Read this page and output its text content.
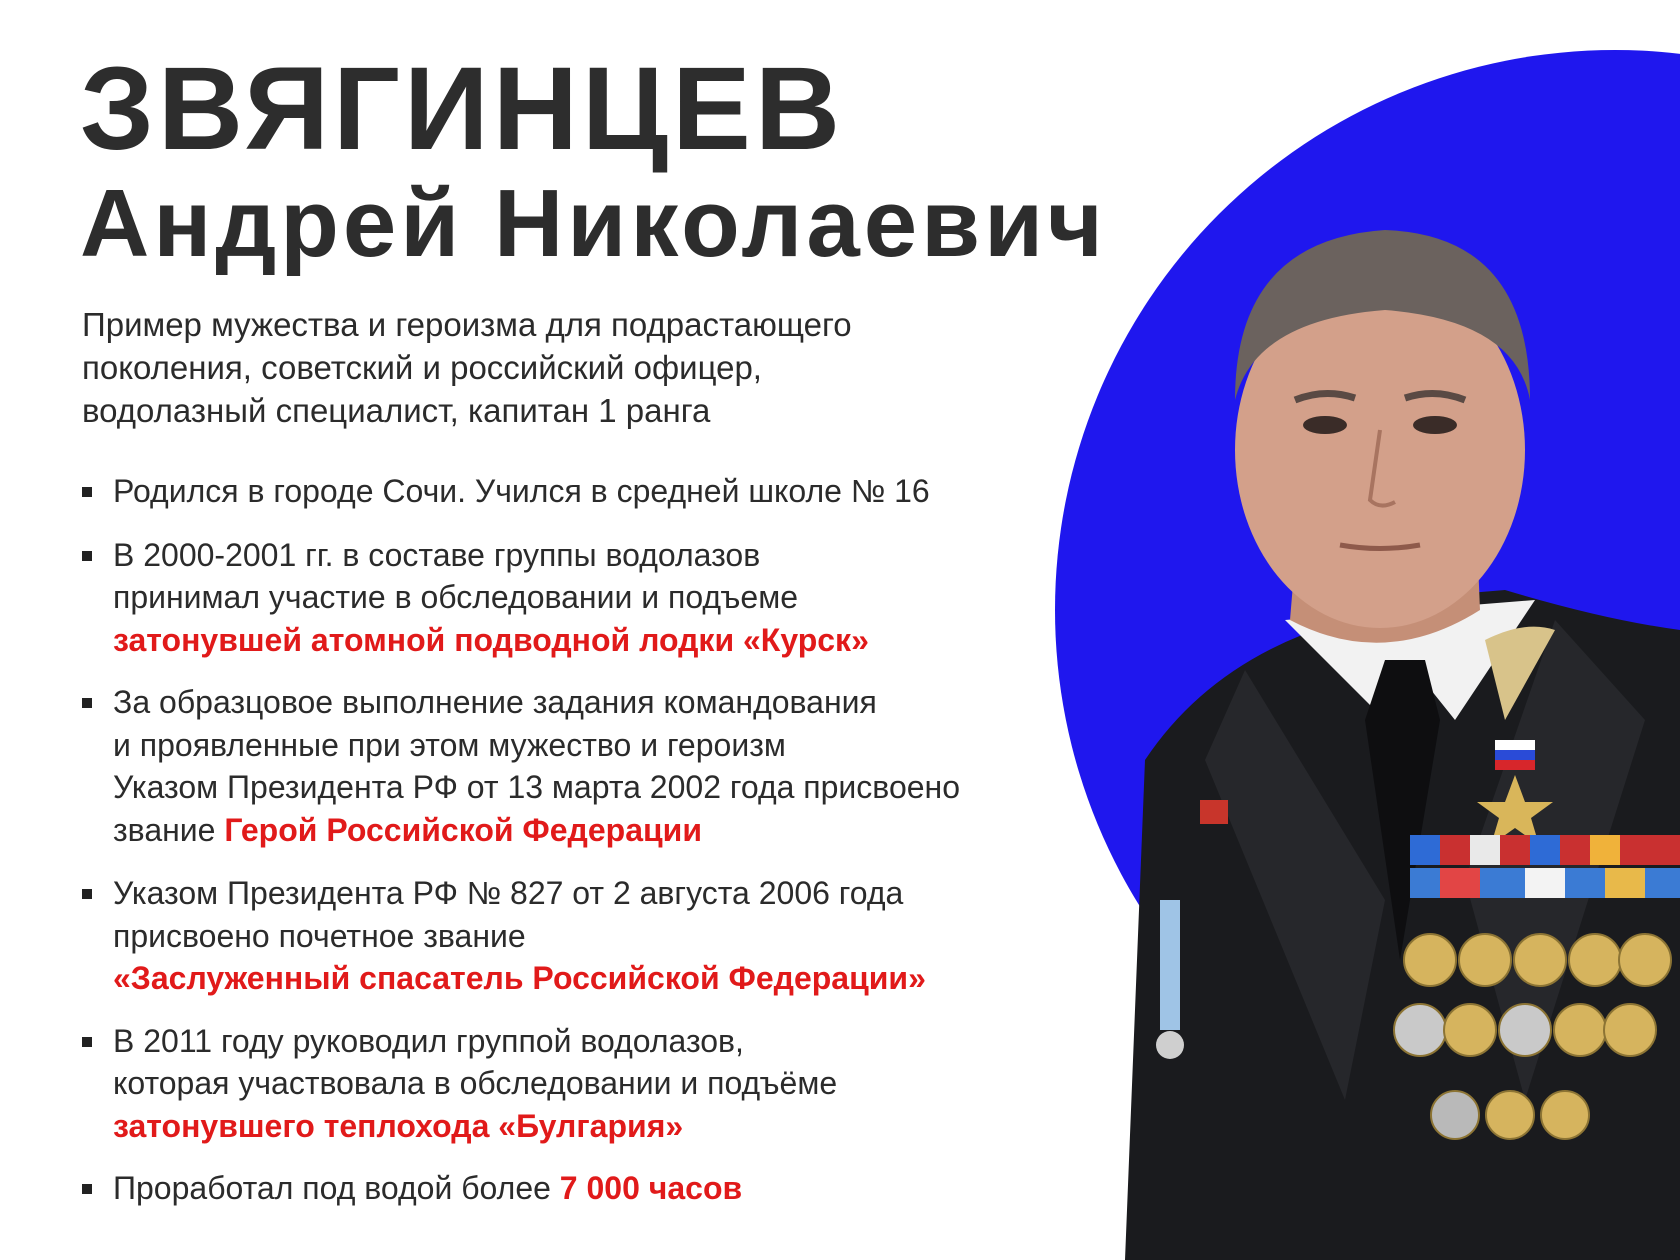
ЗВЯГИНЦЕВ
Андрей Николаевич

Пример мужества и героизма для подрастающего
поколения, советский и российский офицер,
водолазный специалист, капитан 1 ранга

Родился в городе Сочи. Учился в средней школе № 16
В 2000-2001 гг. в составе группы водолазов
принимал участие в обследовании и подъеме
затонувшей атомной подводной лодки «Курск»
За образцовое выполнение задания командования
и проявленные при этом мужество и героизм
Указом Президента РФ от 13 марта 2002 года присвоено
звание Герой Российской Федерации
Указом Президента РФ № 827 от 2 августа 2006 года
присвоено почетное звание
«Заслуженный спасатель Российской Федерации»
В 2011 году руководил группой водолазов,
которая участвовала в обследовании и подъёме
затонувшего теплохода «Булгария»
Проработал под водой более 7 000 часов
